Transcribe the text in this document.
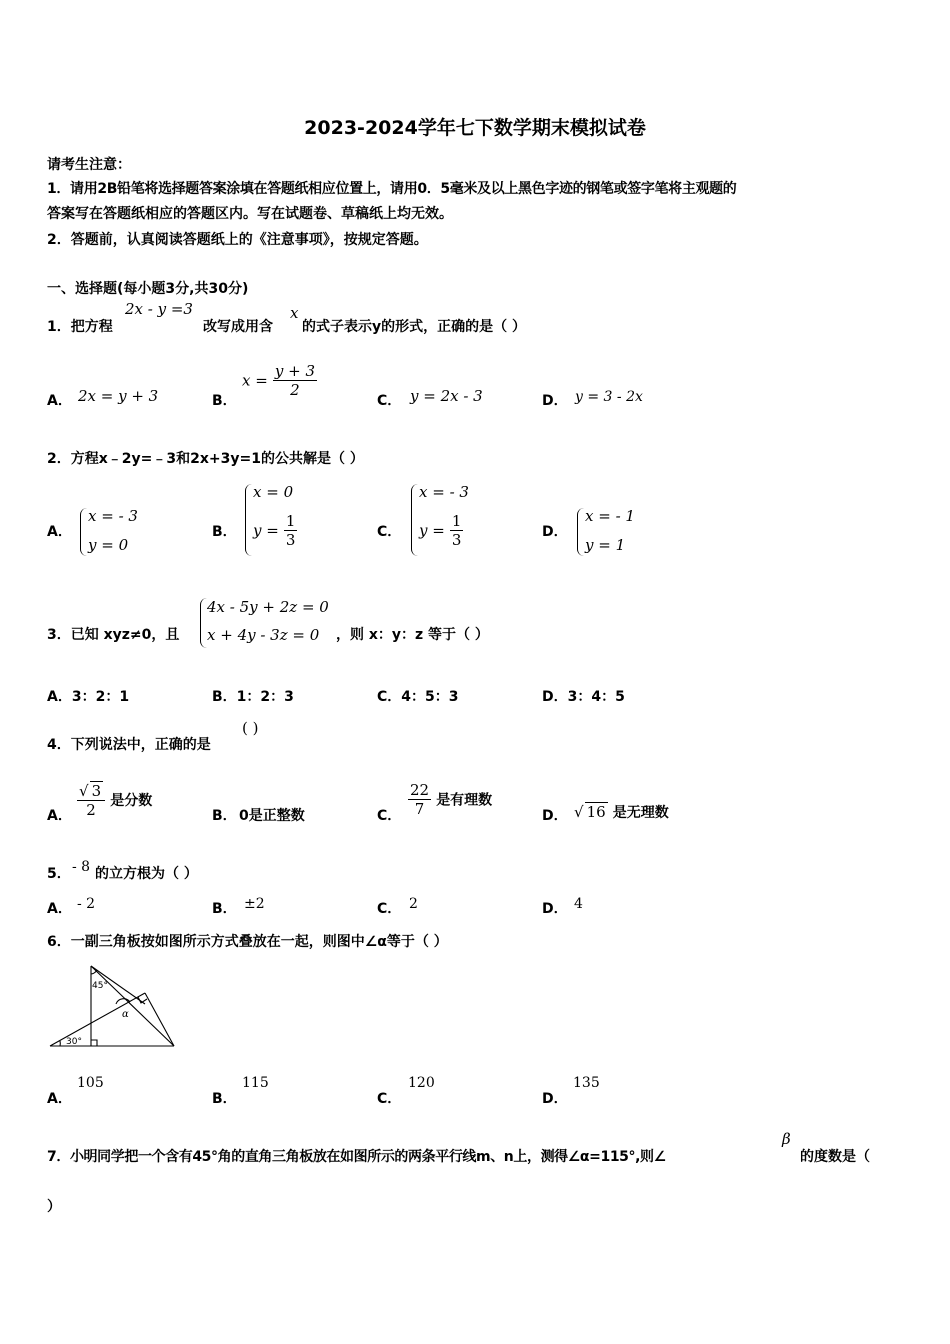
2023-2024学年七下数学期末模拟试卷
请考生注意：
1．请用2B铅笔将选择题答案涂填在答题纸相应位置上，请用0．5毫米及以上黑色字迹的钢笔或签字笔将主观题的
答案写在答题纸相应的答题区内。写在试题卷、草稿纸上均无效。
2．答题前，认真阅读答题纸上的《注意事项》，按规定答题。
一、选择题(每小题3分,共30分)
1．把方程
2x - y =3
改写成用含
x
的式子表示y的形式，正确的是（ ）
A． 2x = y + 3	B．
$x = \frac{y + 3}{2}$
C． y = 2x - 3	D． y = 3 - 2x
2．方程x﹣2y=﹣3和2x+3y=1的公共解是（ ）
A．
x = - 3
y = 0
B．
x = 0
$y = \frac{1}{3}$	C．
x = - 3
$y = \frac{1}{3}$	D．
x = - 1
y = 1
3．已知 xyz≠0，且
4x - 5y + 2z = 0
x + 4y - 3z = 0 ，则 x：y：z 等于（ ）
A．3：2：1	B．1：2：3	C．4：5：3	D．3：4：5
4．下列说法中，正确的是
( )
A． $\frac{√ 3}{2}$ 是分数
B． 0是正整数	C． $\frac{22}{7}$ 是有理数
D． √ 16 是无理数
5． - 8 的立方根为（ ）
A． - 2	B． ±2	C． 2	D． 4
6．一副三角板按如图所示方式叠放在一起，则图中∠α等于（ ）
45°
α
30°
A．
105
B．
115
C．
120
D．
135
7．小明同学把一个含有45°角的直角三角板放在如图所示的两条平行线m、n上，测得∠α=115°,则∠
β
的度数是（
）
